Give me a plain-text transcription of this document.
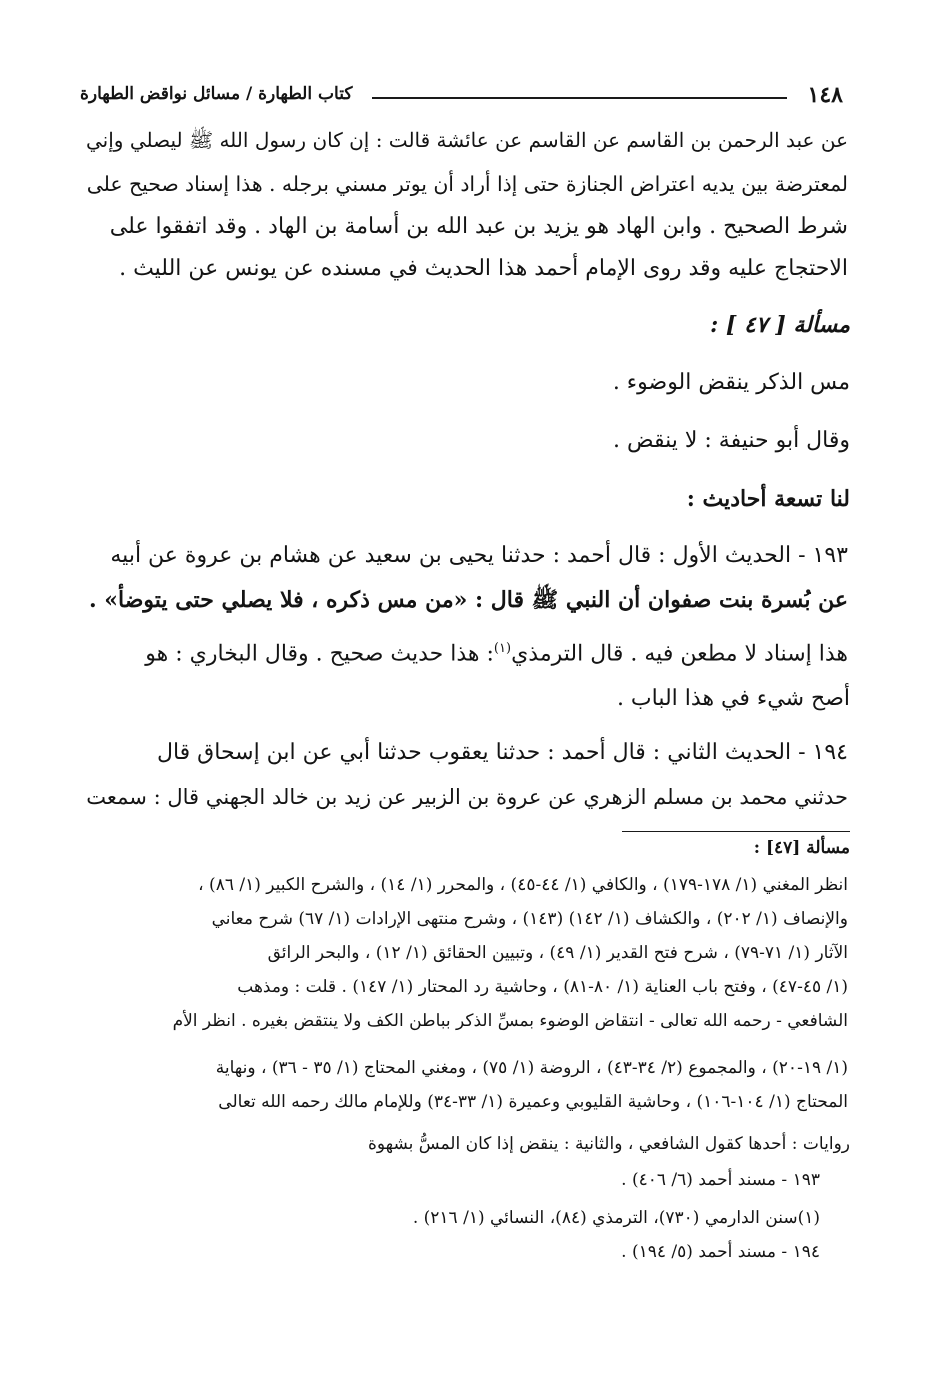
١٤٨
كتاب الطهارة / مسائل نواقض الطهارة
عن عبد الرحمن بن القاسم عن القاسم عن عائشة قالت : إن كان رسول الله ﷺ ليصلي وإني
لمعترضة بين يديه اعتراض الجنازة حتى إذا أراد أن يوتر مسني برجله . هذا إسناد صحيح على
شرط الصحيح . وابن الهاد هو يزيد بن عبد الله بن أسامة بن الهاد . وقد اتفقوا على
الاحتجاج عليه وقد روى الإمام أحمد هذا الحديث في مسنده عن يونس عن الليث .
مسألة [ ٤٧ ] :
مس الذكر ينقض الوضوء .
وقال أبو حنيفة : لا ينقض .
لنا تسعة أحاديث :
١٩٣ - الحديث الأول : قال أحمد : حدثنا يحيى بن سعيد عن هشام بن عروة عن أبيه
عن بُسرة بنت صفوان أن النبي ﷺ قال : «من مس ذكره ، فلا يصلي حتى يتوضأ» .
هذا إسناد لا مطعن فيه . قال الترمذي$^{(١)}$: هذا حديث صحيح . وقال البخاري : هو
أصح شيء في هذا الباب .
١٩٤ - الحديث الثاني : قال أحمد : حدثنا يعقوب حدثنا أبي عن ابن إسحاق قال
حدثني محمد بن مسلم الزهري عن عروة بن الزبير عن زيد بن خالد الجهني قال : سمعت
مسألة [٤٧] :
انظر المغني (١/ ١٧٨-١٧٩) ، والكافي (١/ ٤٤-٤٥) ، والمحرر (١/ ١٤) ، والشرح الكبير (١/ ٨٦) ،
والإنصاف (١/ ٢٠٢) ، والكشاف (١/ ١٤٢) (١٤٣) ، وشرح منتهى الإرادات (١/ ٦٧) شرح معاني
الآثار (١/ ٧١-٧٩) ، شرح فتح القدير (١/ ٤٩) ، وتبيين الحقائق (١/ ١٢) ، والبحر الرائق
(١/ ٤٥-٤٧) ، وفتح باب العناية (١/ ٨٠-٨١) ، وحاشية رد المحتار (١/ ١٤٧) . قلت : ومذهب
الشافعي - رحمه الله تعالى - انتقاض الوضوء بمسِّ الذكر بباطن الكف ولا ينتقض بغيره . انظر الأم
(١/ ١٩-٢٠) ، والمجموع (٢/ ٣٤-٤٣) ، الروضة (١/ ٧٥) ، ومغني المحتاج (١/ ٣٥ - ٣٦) ، ونهاية
المحتاج (١/ ١٠٤-١٠٦) ، وحاشية القليوبي وعميرة (١/ ٣٣-٣٤) وللإمام مالك رحمه الله تعالى
روايات : أحدها كقول الشافعي ، والثانية : ينقض إذا كان المسُّ بشهوة
١٩٣ - مسند أحمد (٦/ ٤٠٦) .
(١)سنن الدارمي (٧٣٠)، الترمذي (٨٤)، النسائي (١/ ٢١٦) .
١٩٤ - مسند أحمد (٥/ ١٩٤) .
